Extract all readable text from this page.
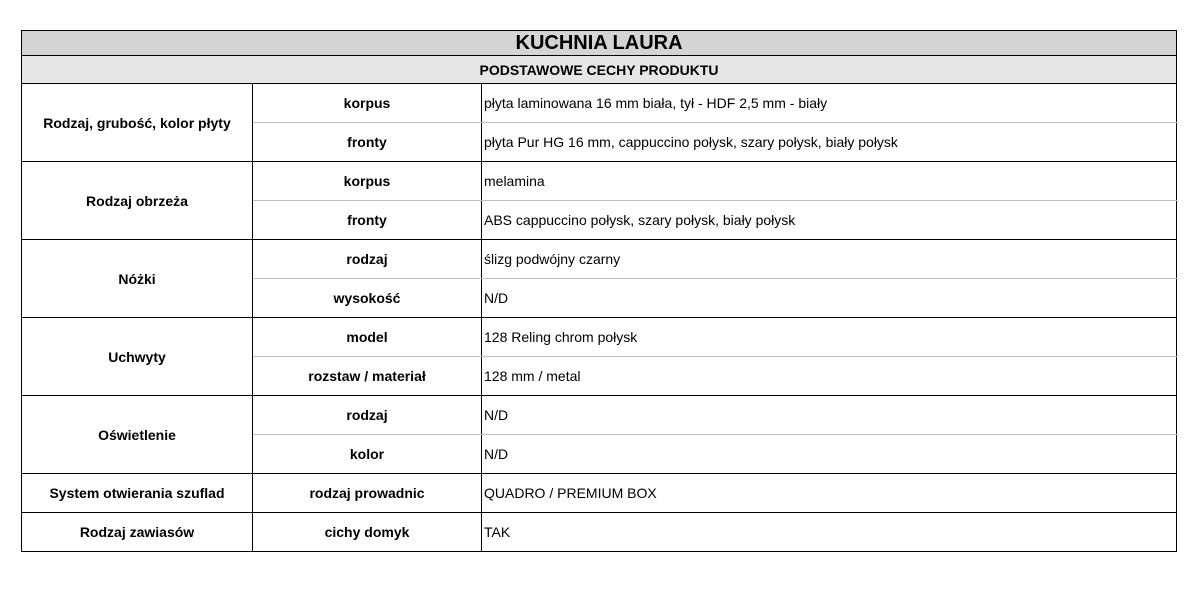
KUCHNIA LAURA		
PODSTAWOWE CECHY PRODUKTU		
Rodzaj, grubość, kolor płyty	korpus	płyta laminowana 16 mm biała, tył - HDF 2,5 mm - biały
	fronty	płyta Pur HG 16 mm, cappuccino połysk, szary połysk, biały połysk
Rodzaj obrzeża	korpus	melamina
	fronty	ABS cappuccino połysk, szary połysk, biały połysk
Nóżki	rodzaj	ślizg podwójny czarny
	wysokość	N/D
Uchwyty	model	128 Reling chrom połysk
	rozstaw / materiał	128 mm / metal
Oświetlenie	rodzaj	N/D
	kolor	N/D
System otwierania szuflad	rodzaj prowadnic	QUADRO / PREMIUM BOX
Rodzaj zawiasów	cichy domyk	TAK
